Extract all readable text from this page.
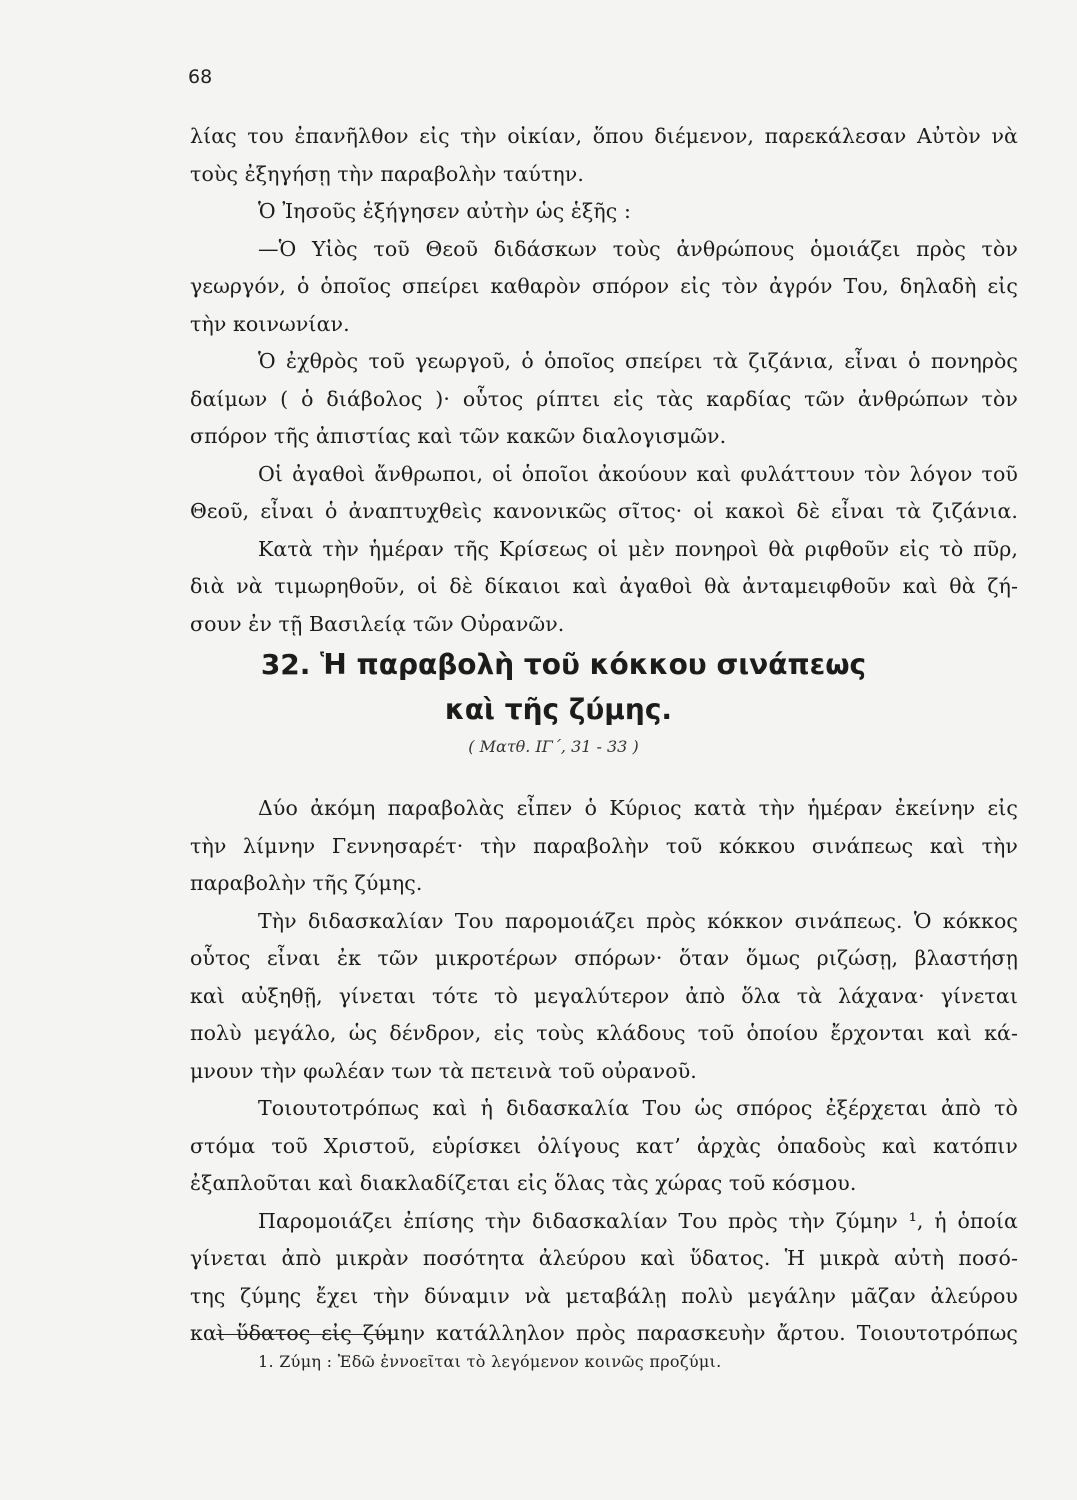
68
λίας του ἐπανῆλθον εἰς τὴν οἰκίαν, ὅπου διέμενον, παρεκάλεσαν Αὐτὸν νὰ
τοὺς ἐξηγήσῃ τὴν παραβολὴν ταύτην.
Ὁ Ἰησοῦς ἐξήγησεν αὐτὴν ὡς ἑξῆς :
—Ὁ Υἱὸς τοῦ Θεοῦ διδάσκων τοὺς ἀνθρώπους ὁμοιάζει πρὸς τὸν
γεωργόν, ὁ ὁποῖος σπείρει καθαρὸν σπόρον εἰς τὸν ἀγρόν Του, δηλαδὴ εἰς
τὴν κοινωνίαν.
Ὁ ἐχθρὸς τοῦ γεωργοῦ, ὁ ὁποῖος σπείρει τὰ ζιζάνια, εἶναι ὁ πονηρὸς
δαίμων ( ὁ διάβολος )· οὗτος ρίπτει εἰς τὰς καρδίας τῶν ἀνθρώπων τὸν
σπόρον τῆς ἀπιστίας καὶ τῶν κακῶν διαλογισμῶν.
Οἱ ἀγαθοὶ ἄνθρωποι, οἱ ὁποῖοι ἀκούουν καὶ φυλάττουν τὸν λόγον τοῦ
Θεοῦ, εἶναι ὁ ἀναπτυχθεὶς κανονικῶς σῖτος· οἱ κακοὶ δὲ εἶναι τὰ ζιζάνια.
Κατὰ τὴν ἡμέραν τῆς Κρίσεως οἱ μὲν πονηροὶ θὰ ριφθοῦν εἰς τὸ πῦρ,
διὰ νὰ τιμωρηθοῦν, οἱ δὲ δίκαιοι καὶ ἀγαθοὶ θὰ ἀνταμειφθοῦν καὶ θὰ ζή-
σουν ἐν τῇ Βασιλείᾳ τῶν Οὐρανῶν.
32. Ἡ παραβολὴ τοῦ κόκκου σινάπεως
καὶ τῆς ζύμης.
( Ματθ. ΙΓ΄, 31 - 33 )
Δύο ἀκόμη παραβολὰς εἶπεν ὁ Κύριος κατὰ τὴν ἡμέραν ἐκείνην εἰς
τὴν λίμνην Γεννησαρέτ· τὴν παραβολὴν τοῦ κόκκου σινάπεως καὶ τὴν
παραβολὴν τῆς ζύμης.
Τὴν διδασκαλίαν Του παρομοιάζει πρὸς κόκκον σινάπεως. Ὁ κόκκος
οὗτος εἶναι ἐκ τῶν μικροτέρων σπόρων· ὅταν ὅμως ριζώσῃ, βλαστήσῃ
καὶ αὐξηθῇ, γίνεται τότε τὸ μεγαλύτερον ἀπὸ ὅλα τὰ λάχανα· γίνεται
πολὺ μεγάλο, ὡς δένδρον, εἰς τοὺς κλάδους τοῦ ὁποίου ἔρχονται καὶ κά-
μνουν τὴν φωλέαν των τὰ πετεινὰ τοῦ οὐρανοῦ.
Τοιουτοτρόπως καὶ ἡ διδασκαλία Του ὡς σπόρος ἐξέρχεται ἀπὸ τὸ
στόμα τοῦ Χριστοῦ, εὑρίσκει ὀλίγους κατ’ ἀρχὰς ὀπαδοὺς καὶ κατόπιν
ἐξαπλοῦται καὶ διακλαδίζεται εἰς ὅλας τὰς χώρας τοῦ κόσμου.
Παρομοιάζει ἐπίσης τὴν διδασκαλίαν Του πρὸς τὴν ζύμην ¹, ἡ ὁποία
γίνεται ἀπὸ μικρὰν ποσότητα ἀλεύρου καὶ ὕδατος. Ἡ μικρὰ αὐτὴ ποσό-
της ζύμης ἔχει τὴν δύναμιν νὰ μεταβάλῃ πολὺ μεγάλην μᾶζαν ἀλεύρου
καὶ ὕδατος εἰς ζύμην κατάλληλον πρὸς παρασκευὴν ἄρτου. Τοιουτοτρόπως
1. Ζύμη : Ἐδῶ ἐννοεῖται τὸ λεγόμενον κοινῶς προζύμι.
